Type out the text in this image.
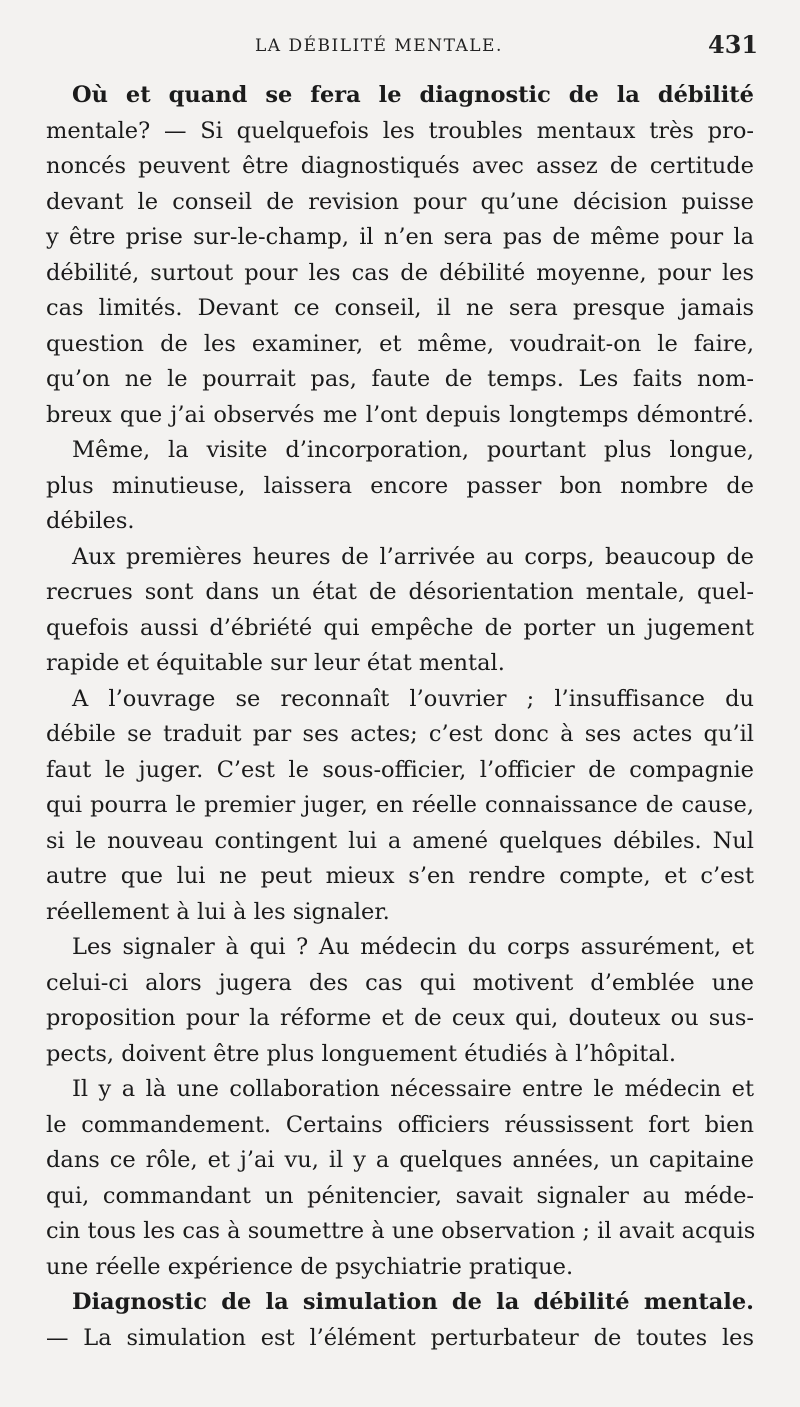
LA DÉBILITÉ MENTALE.	431
Où et quand se fera le diagnostic de la débilité
mentale? — Si quelquefois les troubles mentaux très pro-
noncés peuvent être diagnostiqués avec assez de certitude
devant le conseil de revision pour qu’une décision puisse
y être prise sur-le-champ, il n’en sera pas de même pour la
débilité, surtout pour les cas de débilité moyenne, pour les
cas limités. Devant ce conseil, il ne sera presque jamais
question de les examiner, et même, voudrait-on le faire,
qu’on ne le pourrait pas, faute de temps. Les faits nom-
breux que j’ai observés me l’ont depuis longtemps démontré.
Même, la visite d’incorporation, pourtant plus longue,
plus minutieuse, laissera encore passer bon nombre de
débiles.
Aux premières heures de l’arrivée au corps, beaucoup de
recrues sont dans un état de désorientation mentale, quel-
quefois aussi d’ébriété qui empêche de porter un jugement
rapide et équitable sur leur état mental.
A l’ouvrage se reconnaît l’ouvrier ; l’insuffisance du
débile se traduit par ses actes; c’est donc à ses actes qu’il
faut le juger. C’est le sous-officier, l’officier de compagnie
qui pourra le premier juger, en réelle connaissance de cause,
si le nouveau contingent lui a amené quelques débiles. Nul
autre que lui ne peut mieux s’en rendre compte, et c’est
réellement à lui à les signaler.
Les signaler à qui ? Au médecin du corps assurément, et
celui-ci alors jugera des cas qui motivent d’emblée une
proposition pour la réforme et de ceux qui, douteux ou sus-
pects, doivent être plus longuement étudiés à l’hôpital.
Il y a là une collaboration nécessaire entre le médecin et
le commandement. Certains officiers réussissent fort bien
dans ce rôle, et j’ai vu, il y a quelques années, un capitaine
qui, commandant un pénitencier, savait signaler au méde-
cin tous les cas à soumettre à une observation ; il avait acquis
une réelle expérience de psychiatrie pratique.
Diagnostic de la simulation de la débilité mentale.
— La simulation est l’élément perturbateur de toutes les
